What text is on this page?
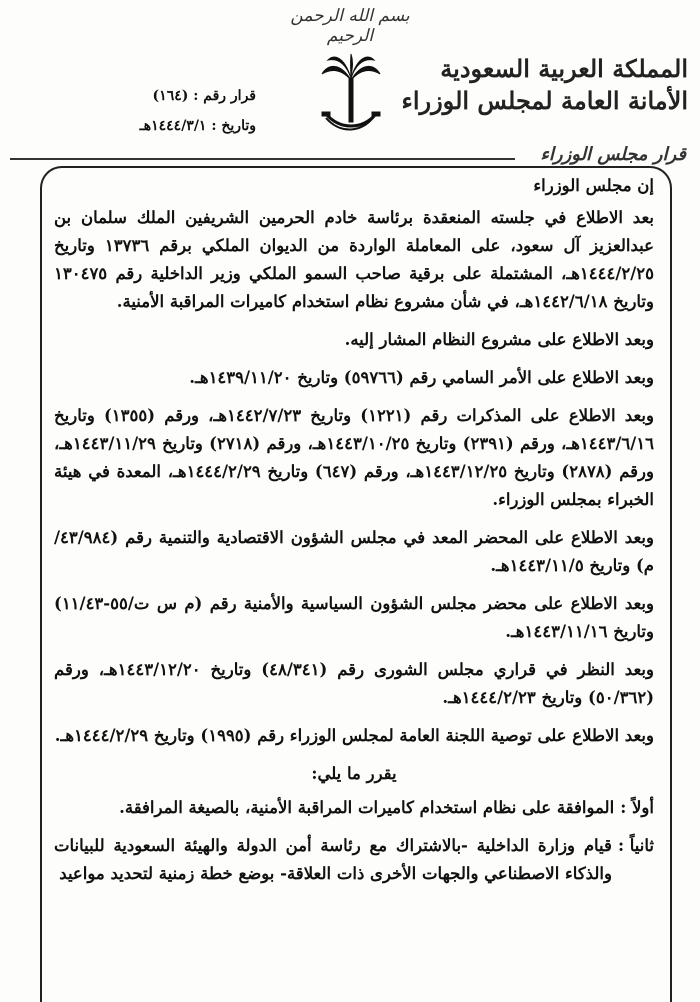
بسم الله الرحمن الرحيم
المملكة العربية السعودية
الأمانة العامة لمجلس الوزراء
قرار رقم : (١٦٤)
وتاريخ : ١٤٤٤/٣/١هـ
قرار مجلس الوزراء

إن مجلس الوزراء

بعد الاطلاع في جلسته المنعقدة برئاسة خادم الحرمين الشريفين الملك سلمان بن عبدالعزيز آل سعود، على المعاملة الواردة من الديوان الملكي برقم ١٣٧٣٦ وتاريخ ١٤٤٤/٢/٢٥هـ، المشتملة على برقية صاحب السمو الملكي وزير الداخلية رقم ١٣٠٤٧٥ وتاريخ ١٤٤٢/٦/١٨هـ، في شأن مشروع نظام استخدام كاميرات المراقبة الأمنية.

وبعد الاطلاع على مشروع النظام المشار إليه.

وبعد الاطلاع على الأمر السامي رقم (٥٩٧٦٦) وتاريخ ١٤٣٩/١١/٢٠هـ.

وبعد الاطلاع على المذكرات رقم (١٢٢١) وتاريخ ١٤٤٢/٧/٢٣هـ، ورقم (١٣٥٥) وتاريخ ١٤٤٣/٦/١٦هـ، ورقم (٢٣٩١) وتاريخ ١٤٤٣/١٠/٢٥هـ، ورقم (٢٧١٨) وتاريخ ١٤٤٣/١١/٢٩هـ، ورقم (٢٨٧٨) وتاريخ ١٤٤٣/١٢/٢٥هـ، ورقم (٦٤٧) وتاريخ ١٤٤٤/٢/٢٩هـ، المعدة في هيئة الخبراء بمجلس الوزراء.

وبعد الاطلاع على المحضر المعد في مجلس الشؤون الاقتصادية والتنمية رقم (٤٣/٩٨٤/م) وتاريخ ١٤٤٣/١١/٥هـ.

وبعد الاطلاع على محضر مجلس الشؤون السياسية والأمنية رقم (م س ت/٥٥-١١/٤٣) وتاريخ ١٤٤٣/١١/١٦هـ.

وبعد النظر في قراري مجلس الشورى رقم (٤٨/٣٤١) وتاريخ ١٤٤٣/١٢/٢٠هـ، ورقم (٥٠/٣٦٢) وتاريخ ١٤٤٤/٢/٢٣هـ.

وبعد الاطلاع على توصية اللجنة العامة لمجلس الوزراء رقم (١٩٩٥) وتاريخ ١٤٤٤/٢/٢٩هـ.

يقرر ما يلي:

أولاً :
الموافقة على نظام استخدام كاميرات المراقبة الأمنية، بالصيغة المرافقة.

ثانياً :
قيام وزارة الداخلية -بالاشتراك مع رئاسة أمن الدولة والهيئة السعودية للبيانات والذكاء الاصطناعي والجهات الأخرى ذات العلاقة- بوضع خطة زمنية لتحديد مواعيد
